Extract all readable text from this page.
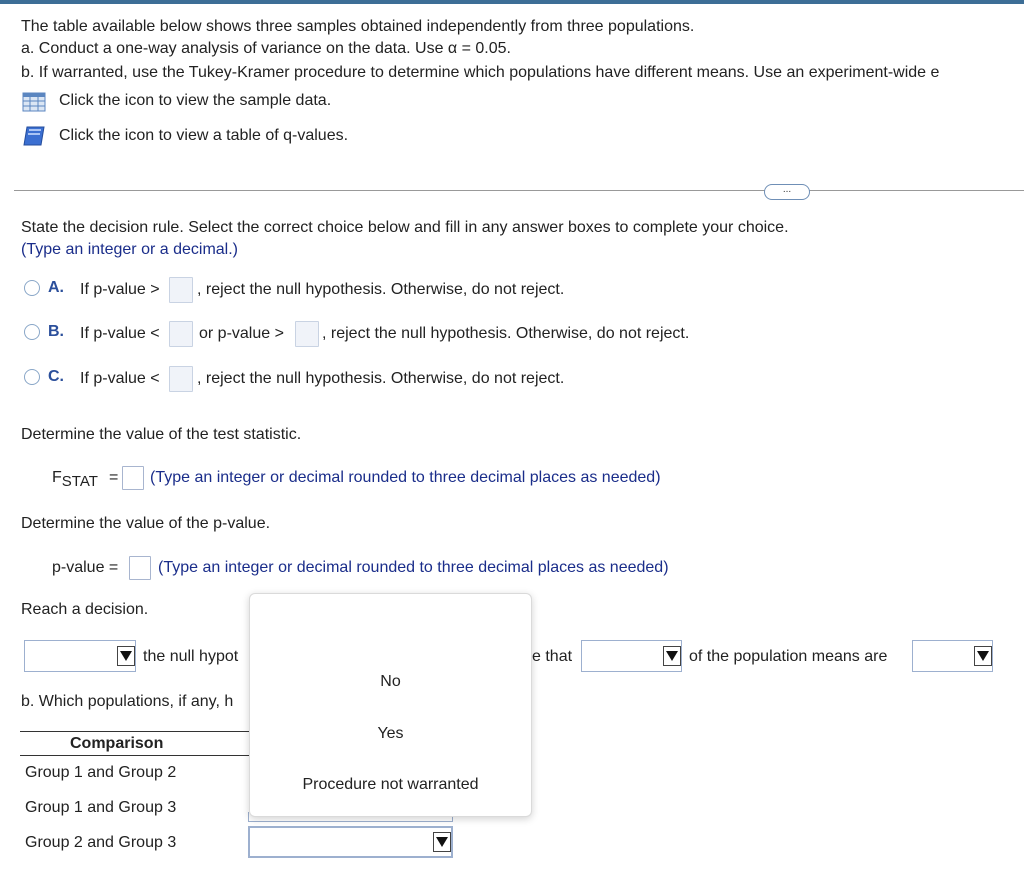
The table available below shows three samples obtained independently from three populations.
a. Conduct a one-way analysis of variance on the data. Use α = 0.05.
b. If warranted, use the Tukey-Kramer procedure to determine which populations have different means. Use an experiment-wide e
Click the icon to view the sample data.
Click the icon to view a table of q-values.
...
State the decision rule. Select the correct choice below and fill in any answer boxes to complete your choice.
(Type an integer or a decimal.)
A. If p-value > , reject the null hypothesis. Otherwise, do not reject.
B. If p-value < or p-value > , reject the null hypothesis. Otherwise, do not reject.
C. If p-value < , reject the null hypothesis. Otherwise, do not reject.
Determine the value of the test statistic.
$F_{STAT}$ = (Type an integer or decimal rounded to three decimal places as needed)
Determine the value of the p-value.
p-value = (Type an integer or decimal rounded to three decimal places as needed)
Reach a decision.
the null hypot	e that	of the population means are
b. Which populations, if any, h
Comparison
Group 1 and Group 2
Group 1 and Group 3
Group 2 and Group 3
No
Yes
Procedure not warranted
